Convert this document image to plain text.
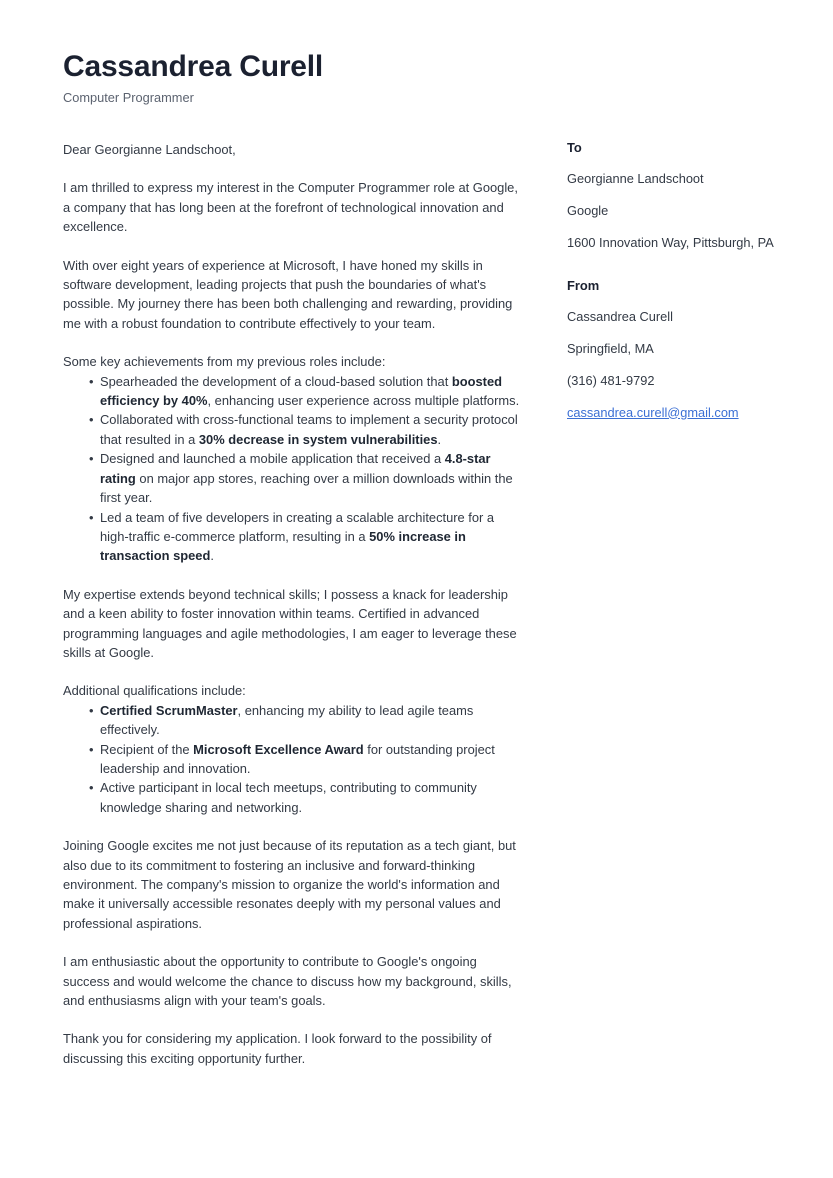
Cassandrea Curell
Computer Programmer

Dear Georgianne Landschoot,

I am thrilled to express my interest in the Computer Programmer role at Google, a company that has long been at the forefront of technological innovation and excellence.

With over eight years of experience at Microsoft, I have honed my skills in software development, leading projects that push the boundaries of what's possible. My journey there has been both challenging and rewarding, providing me with a robust foundation to contribute effectively to your team.

Some key achievements from my previous roles include:

• Spearheaded the development of a cloud-based solution that boosted efficiency by 40%, enhancing user experience across multiple platforms.
• Collaborated with cross-functional teams to implement a security protocol that resulted in a 30% decrease in system vulnerabilities.
• Designed and launched a mobile application that received a 4.8-star rating on major app stores, reaching over a million downloads within the first year.
• Led a team of five developers in creating a scalable architecture for a high-traffic e-commerce platform, resulting in a 50% increase in transaction speed.

My expertise extends beyond technical skills; I possess a knack for leadership and a keen ability to foster innovation within teams. Certified in advanced programming languages and agile methodologies, I am eager to leverage these skills at Google.

Additional qualifications include:

• Certified ScrumMaster, enhancing my ability to lead agile teams effectively.
• Recipient of the Microsoft Excellence Award for outstanding project leadership and innovation.
• Active participant in local tech meetups, contributing to community knowledge sharing and networking.

Joining Google excites me not just because of its reputation as a tech giant, but also due to its commitment to fostering an inclusive and forward-thinking environment. The company's mission to organize the world's information and make it universally accessible resonates deeply with my personal values and professional aspirations.

I am enthusiastic about the opportunity to contribute to Google's ongoing success and would welcome the chance to discuss how my background, skills, and enthusiasms align with your team's goals.

Thank you for considering my application. I look forward to the possibility of discussing this exciting opportunity further.

To
Georgianne Landschoot
Google
1600 Innovation Way, Pittsburgh, PA
From
Cassandrea Curell
Springfield, MA
(316) 481-9792
cassandrea.curell@gmail.com
